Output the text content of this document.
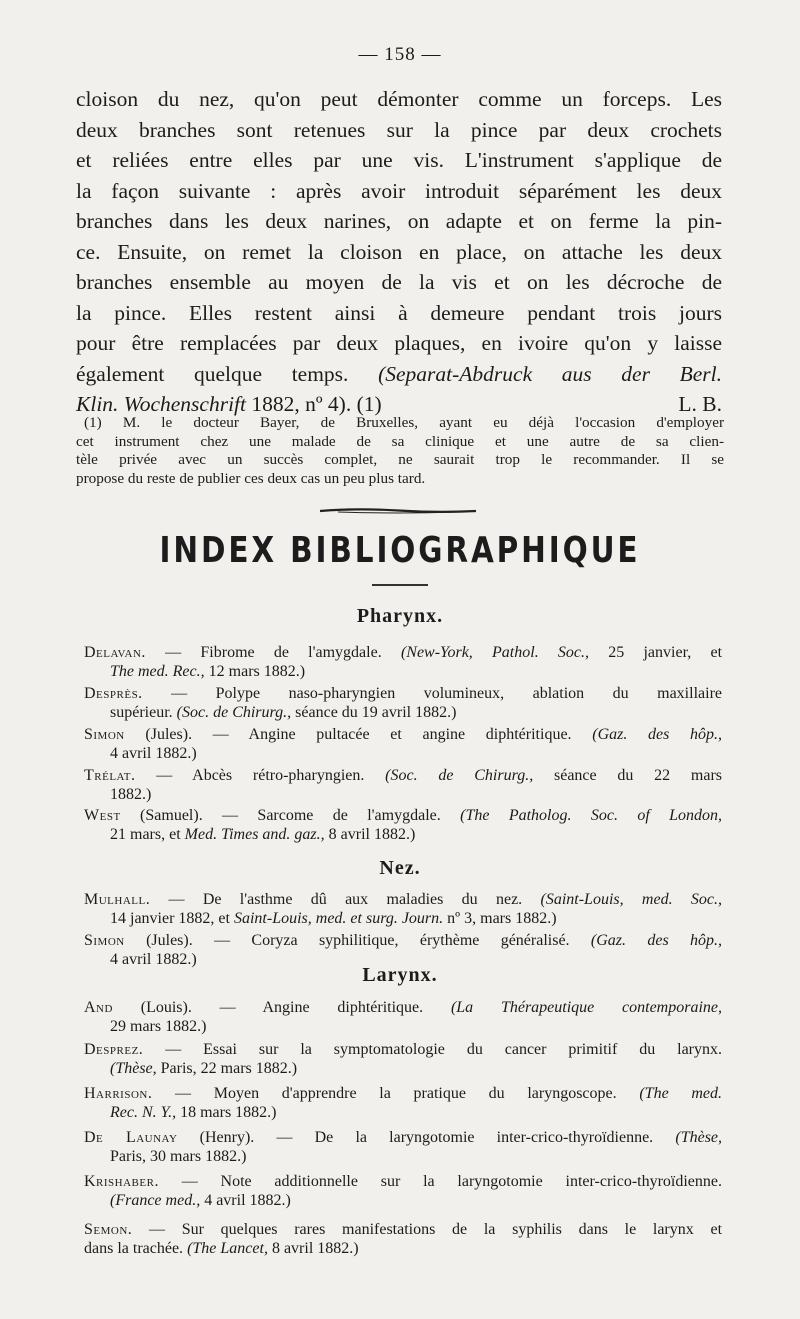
— 158 —
cloison du nez, qu'on peut démonter comme un forceps. Les
deux branches sont retenues sur la pince par deux crochets
et reliées entre elles par une vis. L'instrument s'applique de
la façon suivante : après avoir introduit séparément les deux
branches dans les deux narines, on adapte et on ferme la pin-
ce. Ensuite, on remet la cloison en place, on attache les deux
branches ensemble au moyen de la vis et on les décroche de
la pince. Elles restent ainsi à demeure pendant trois jours
pour être remplacées par deux plaques, en ivoire qu'on y laisse
également quelque temps. (Separat-Abdruck aus der Berl.
Klin. Wochenschrift 1882, nº 4). (1)	L. B.
(1) M. le docteur Bayer, de Bruxelles, ayant eu déjà l'occasion d'employer
cet instrument chez une malade de sa clinique et une autre de sa clien-
tèle privée avec un succès complet, ne saurait trop le recommander. Il se
propose du reste de publier ces deux cas un peu plus tard.
INDEX BIBLIOGRAPHIQUE
Pharynx.
Delavan. — Fibrome de l'amygdale. (New-York, Pathol. Soc., 25 janvier, et
The med. Rec., 12 mars 1882.)
Desprès. — Polype naso-pharyngien volumineux, ablation du maxillaire
supérieur. (Soc. de Chirurg., séance du 19 avril 1882.)
Simon (Jules). — Angine pultacée et angine diphtéritique. (Gaz. des hôp.,
4 avril 1882.)
Trélat. — Abcès rétro-pharyngien. (Soc. de Chirurg., séance du 22 mars
1882.)
West (Samuel). — Sarcome de l'amygdale. (The Patholog. Soc. of London,
21 mars, et Med. Times and. gaz., 8 avril 1882.)
Nez.
Mulhall. — De l'asthme dû aux maladies du nez. (Saint-Louis, med. Soc.,
14 janvier 1882, et Saint-Louis, med. et surg. Journ. nº 3, mars 1882.)
Simon (Jules). — Coryza syphilitique, érythème généralisé. (Gaz. des hôp.,
4 avril 1882.)
Larynx.
And (Louis). — Angine diphtéritique. (La Thérapeutique contemporaine,
29 mars 1882.)
Desprez. — Essai sur la symptomatologie du cancer primitif du larynx.
(Thèse, Paris, 22 mars 1882.)
Harrison. — Moyen d'apprendre la pratique du laryngoscope. (The med.
Rec. N. Y., 18 mars 1882.)
De Launay (Henry). — De la laryngotomie inter-crico-thyroïdienne. (Thèse,
Paris, 30 mars 1882.)
Krishaber. — Note additionnelle sur la laryngotomie inter-crico-thyroïdienne.
(France med., 4 avril 1882.)
Semon. — Sur quelques rares manifestations de la syphilis dans le larynx et
dans la trachée. (The Lancet, 8 avril 1882.)
